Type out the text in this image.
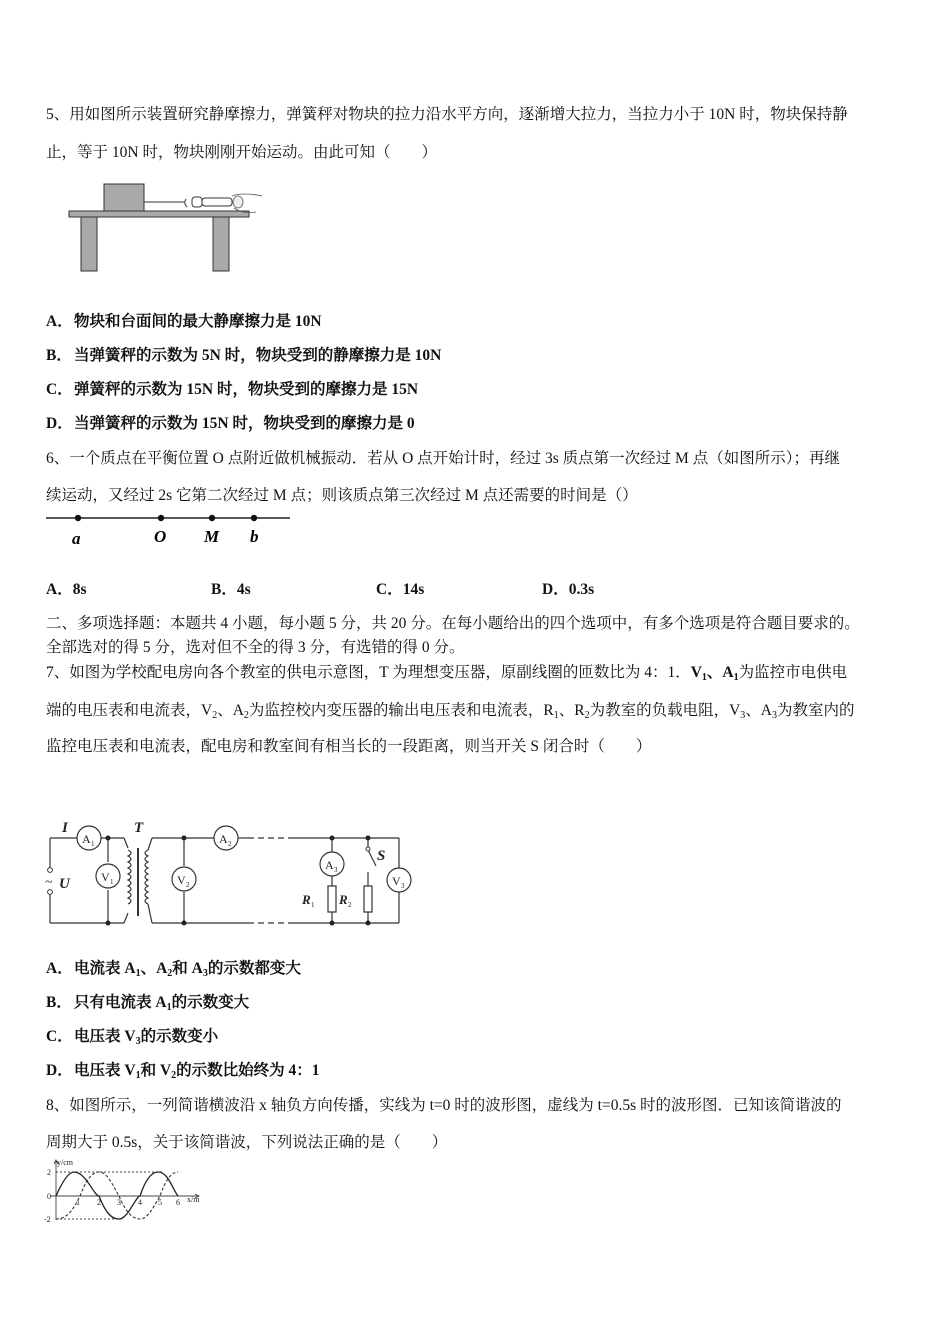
5、用如图所示装置研究静摩擦力，弹簧秤对物块的拉力沿水平方向，逐渐增大拉力，当拉力小于 10N 时，物块保持静
止，等于 10N 时，物块刚刚开始运动。由此可知（　　）
A．物块和台面间的最大静摩擦力是 10N
B． 当弹簧秤的示数为 5N 时，物块受到的静摩擦力是 10N
C．弹簧秤的示数为 15N 时，物块受到的摩擦力是 15N
D．当弹簧秤的示数为 15N 时，物块受到的摩擦力是 0
6、一个质点在平衡位置 O 点附近做机械振动．若从 O 点开始计时，经过 3s 质点第一次经过 M 点（如图所示）；再继
续运动，又经过 2s 它第二次经过 M 点；则该质点第三次经过 M 点还需要的时间是（）
a	O M b
A．8s	B．4s	C．14s	D．0.3s
二、多项选择题：本题共 4 小题，每小题 5 分，共 20 分。在每小题给出的四个选项中，有多个选项是符合题目要求的。
全部选对的得 5 分，选对但不全的得 3 分，有选错的得 0 分。
7、如图为学校配电房向各个教室的供电示意图，T 为理想变压器，原副线圈的匝数比为 4：1．$V_1$、$A_1$为监控市电供电
端的电压表和电流表，$V_2$、$A_2$为监控校内变压器的输出电压表和电流表，$R_1$、$R_2$为教室的负载电阻，$V_3$、$A_3$为教室内的
监控电压表和电流表，配电房和教室间有相当长的一段距离，则当开关 S 闭合时（　　）
A 1
V 1	V 2
A 2
A 3
V 3
I	T
U
S
R R
1	2
~
A．电流表 $A_1$、$A_2$和 $A_3$的示数都变大
B． 只有电流表 $A_1$的示数变大
C．电压表 $V_3$的示数变小
D．电压表 $V_1$和 $V_2$的示数比始终为 4：1
8、如图所示，一列简谐横波沿 x 轴负方向传播，实线为 t=0 时的波形图，虚线为 t=0.5s 时的波形图．已知该简谐波的
周期大于 0.5s，关于该简谐波，下列说法正确的是（　　）
y/cm
2
0
-2
1 2 3 4 5 6 x/m
